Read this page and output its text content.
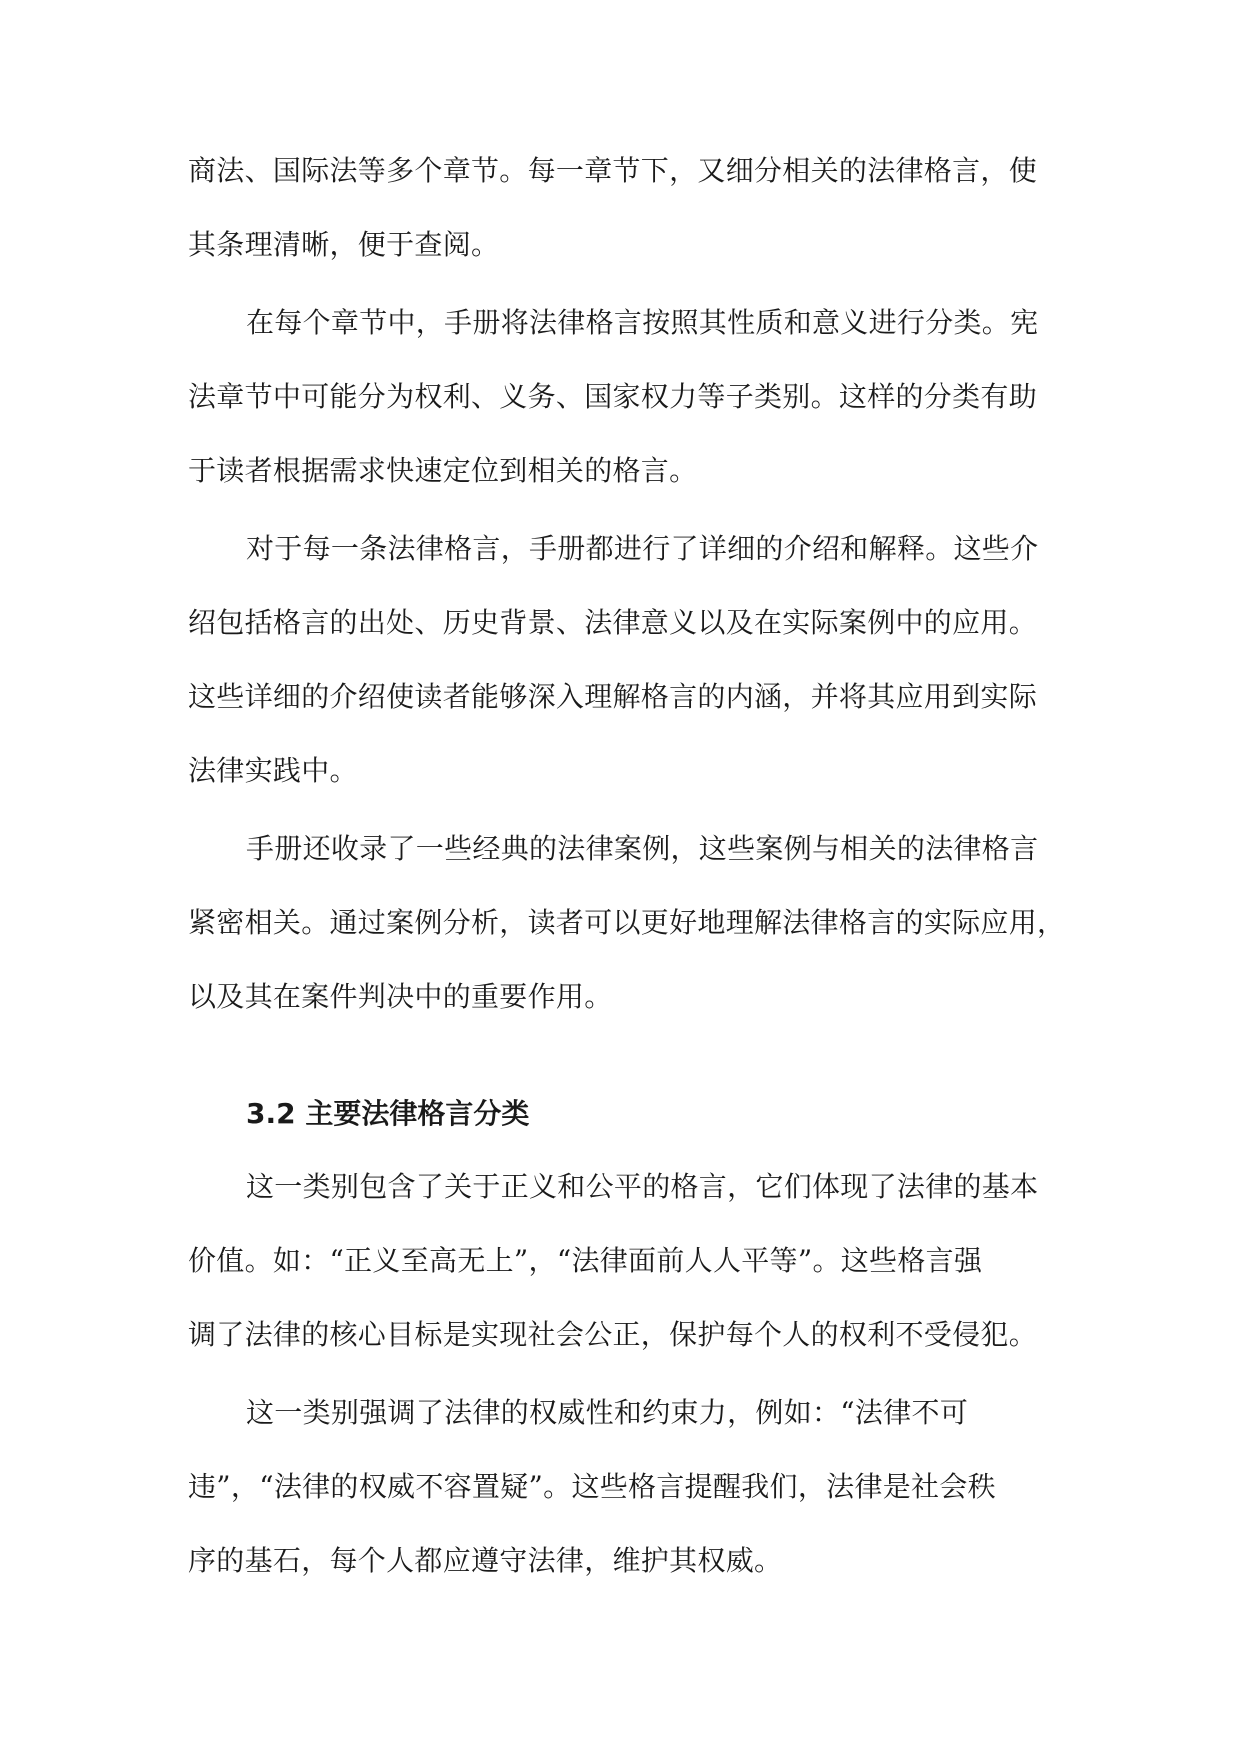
商法、国际法等多个章节。每一章节下，又细分相关的法律格言，使
其条理清晰，便于查阅。
在每个章节中，手册将法律格言按照其性质和意义进行分类。宪
法章节中可能分为权利、义务、国家权力等子类别。这样的分类有助
于读者根据需求快速定位到相关的格言。
对于每一条法律格言，手册都进行了详细的介绍和解释。这些介
绍包括格言的出处、历史背景、法律意义以及在实际案例中的应用。
这些详细的介绍使读者能够深入理解格言的内涵，并将其应用到实际
法律实践中。
手册还收录了一些经典的法律案例，这些案例与相关的法律格言
紧密相关。通过案例分析，读者可以更好地理解法律格言的实际应用，
以及其在案件判决中的重要作用。
3.2 主要法律格言分类
这一类别包含了关于正义和公平的格言，它们体现了法律的基本
价值。如：“正义至高无上”，“法律面前人人平等”。这些格言强
调了法律的核心目标是实现社会公正，保护每个人的权利不受侵犯。
这一类别强调了法律的权威性和约束力，例如：“法律不可
违”，“法律的权威不容置疑”。这些格言提醒我们，法律是社会秩
序的基石，每个人都应遵守法律，维护其权威。
